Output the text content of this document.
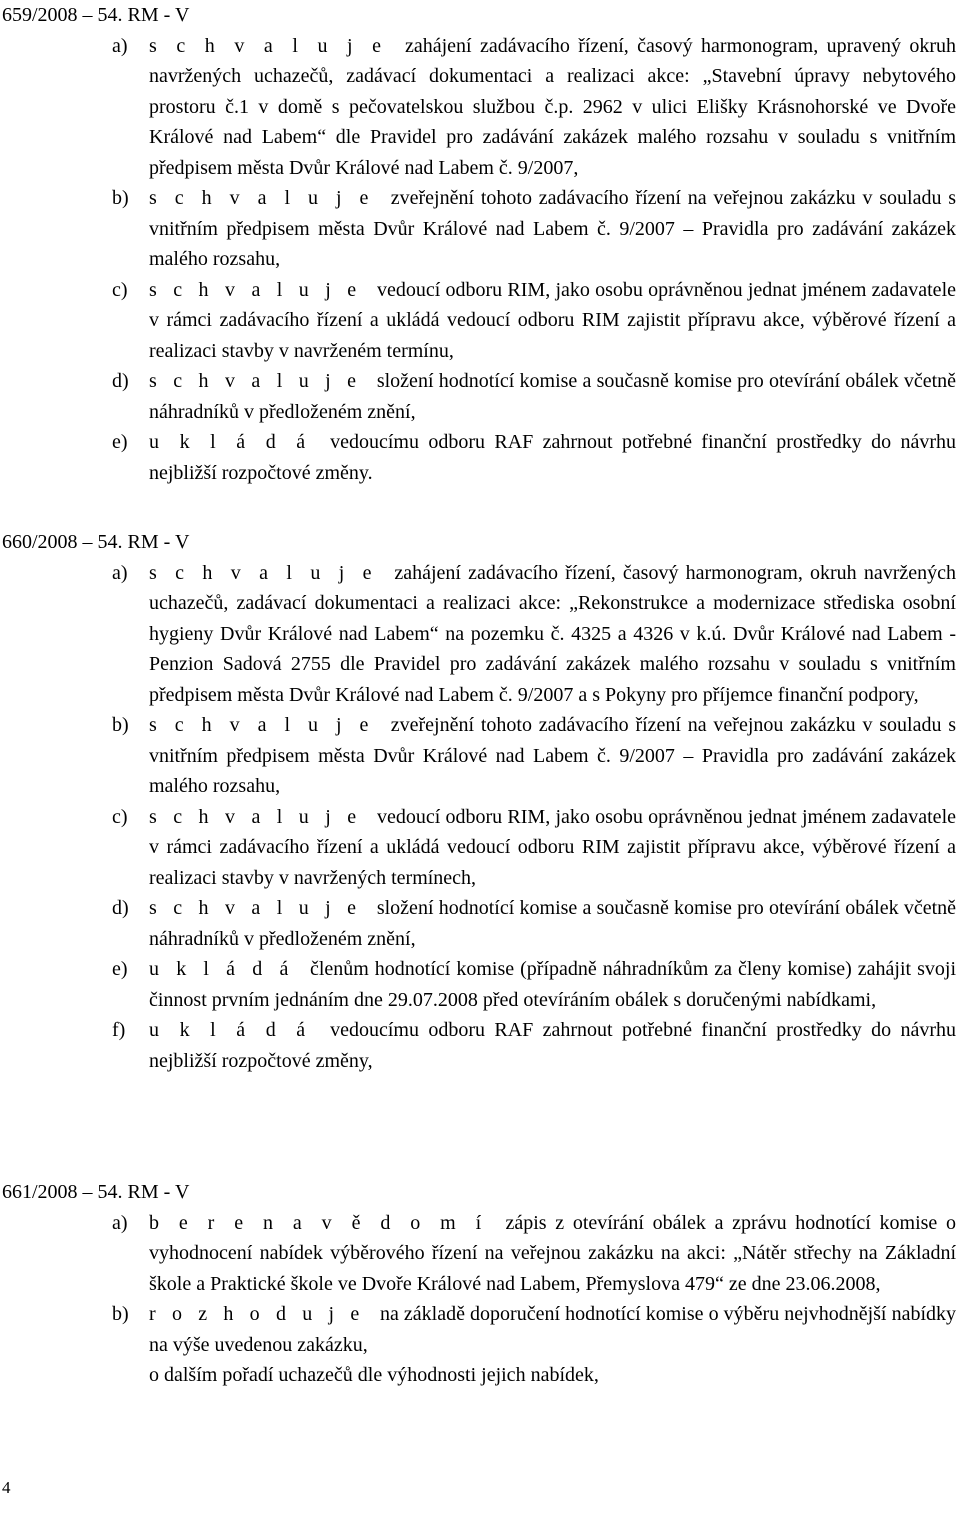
659/2008 – 54. RM - V
a) s c h v a l u j e zahájení zadávacího řízení, časový harmonogram, upravený okruh navržených uchazečů, zadávací dokumentaci a realizaci akce: „Stavební úpravy nebytového prostoru č.1 v domě s pečovatelskou službou č.p. 2962 v ulici Elišky Krásnohorské ve Dvoře Králové nad Labem“ dle Pravidel pro zadávání zakázek malého rozsahu v souladu s vnitřním předpisem města Dvůr Králové nad Labem č. 9/2007,
b) s c h v a l u j e zveřejnění tohoto zadávacího řízení na veřejnou zakázku v souladu s vnitřním předpisem města Dvůr Králové nad Labem č. 9/2007 – Pravidla pro zadávání zakázek malého rozsahu,
c) s c h v a l u j e vedoucí odboru RIM, jako osobu oprávněnou jednat jménem zadavatele v rámci zadávacího řízení a ukládá vedoucí odboru RIM zajistit přípravu akce, výběrové řízení a realizaci stavby v navrženém termínu,
d) s c h v a l u j e složení hodnotící komise a současně komise pro otevírání obálek včetně náhradníků v předloženém znění,
e) u k l á d á vedoucímu odboru RAF zahrnout potřebné finanční prostředky do návrhu nejbližší rozpočtové změny.
660/2008 – 54. RM - V
a) s c h v a l u j e zahájení zadávacího řízení, časový harmonogram, okruh navržených uchazečů, zadávací dokumentaci a realizaci akce: „Rekonstrukce a modernizace střediska osobní hygieny Dvůr Králové nad Labem“ na pozemku č. 4325 a 4326 v k.ú. Dvůr Králové nad Labem - Penzion Sadová 2755 dle Pravidel pro zadávání zakázek malého rozsahu v souladu s vnitřním předpisem města Dvůr Králové nad Labem č. 9/2007 a s Pokyny pro příjemce finanční podpory,
b) s c h v a l u j e zveřejnění tohoto zadávacího řízení na veřejnou zakázku v souladu s vnitřním předpisem města Dvůr Králové nad Labem č. 9/2007 – Pravidla pro zadávání zakázek malého rozsahu,
c) s c h v a l u j e vedoucí odboru RIM, jako osobu oprávněnou jednat jménem zadavatele v rámci zadávacího řízení a ukládá vedoucí odboru RIM zajistit přípravu akce, výběrové řízení a realizaci stavby v navržených termínech,
d) s c h v a l u j e složení hodnotící komise a současně komise pro otevírání obálek včetně náhradníků v předloženém znění,
e) u k l á d á členům hodnotící komise (případně náhradníkům za členy komise) zahájit svoji činnost prvním jednáním dne 29.07.2008 před otevíráním obálek s doručenými nabídkami,
f) u k l á d á vedoucímu odboru RAF zahrnout potřebné finanční prostředky do návrhu nejbližší rozpočtové změny,
661/2008 – 54. RM - V
a) b e r e n a v ě d o m í zápis z otevírání obálek a zprávu hodnotící komise o vyhodnocení nabídek výběrového řízení na veřejnou zakázku na akci: „Nátěr střechy na Základní škole a Praktické škole ve Dvoře Králové nad Labem, Přemyslova 479“ ze dne 23.06.2008,
b) r o z h o d u j e na základě doporučení hodnotící komise o výběru nejvhodnější nabídky na výše uvedenou zakázku,
o dalším pořadí uchazečů dle výhodnosti jejich nabídek,
4
